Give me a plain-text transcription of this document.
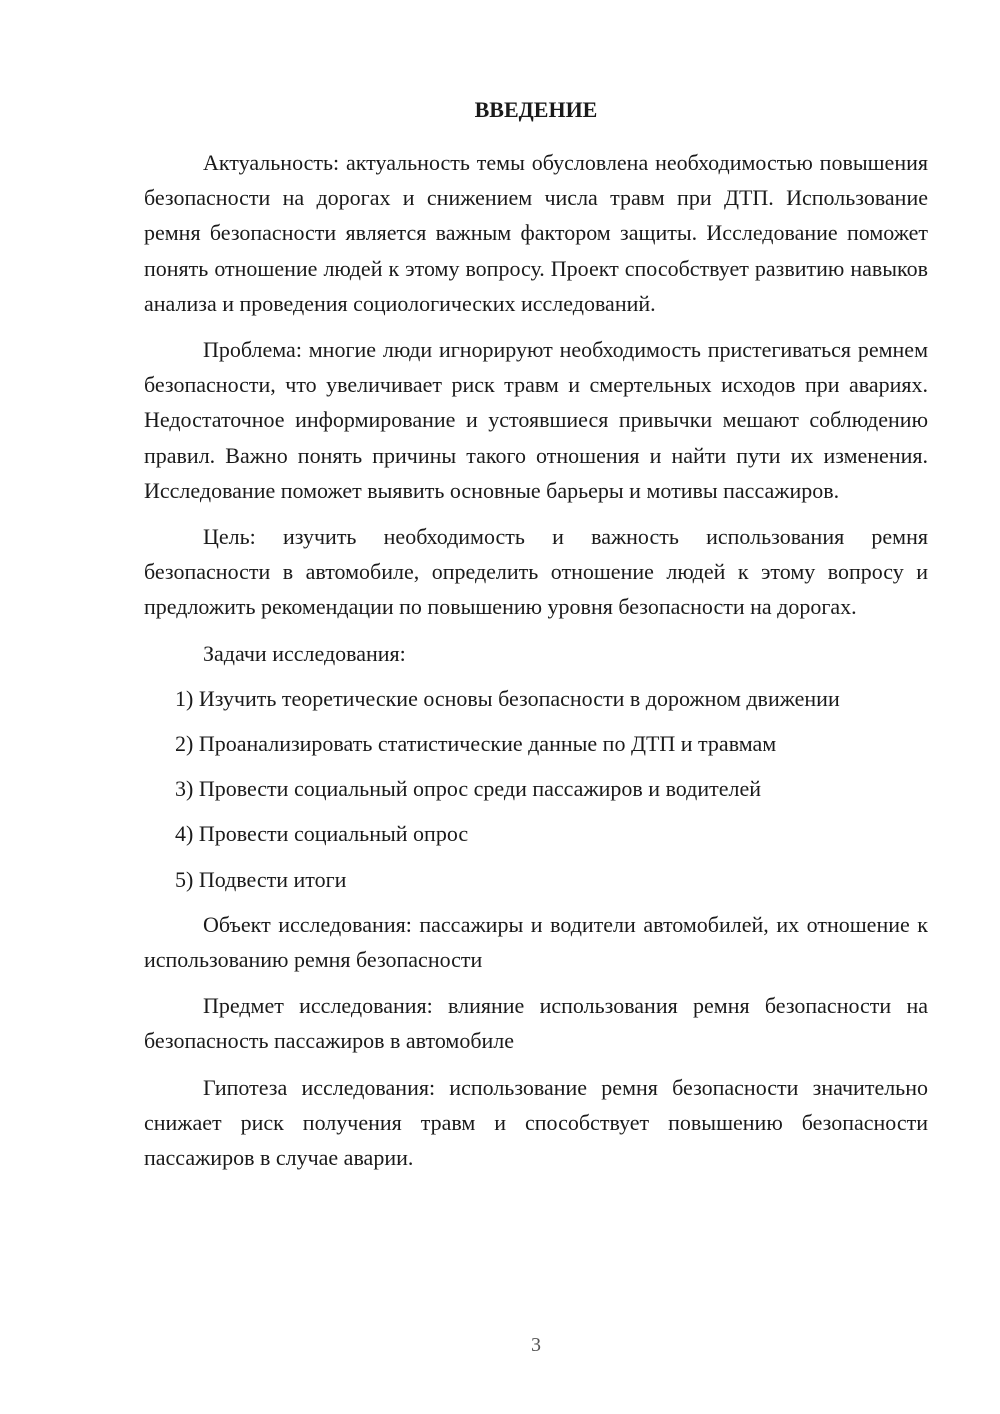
ВВЕДЕНИЕ

Актуальность: актуальность темы обусловлена необходимостью повышения безопасности на дорогах и снижением числа травм при ДТП. Использование ремня безопасности является важным фактором защиты. Исследование поможет понять отношение людей к этому вопросу. Проект способствует развитию навыков анализа и проведения социологических исследований.

Проблема: многие люди игнорируют необходимость пристегиваться ремнем безопасности, что увеличивает риск травм и смертельных исходов при авариях. Недостаточное информирование и устоявшиеся привычки мешают соблюдению правил. Важно понять причины такого отношения и найти пути их изменения. Исследование поможет выявить основные барьеры и мотивы пассажиров.

Цель: изучить необходимость и важность использования ремня безопасности в автомобиле, определить отношение людей к этому вопросу и предложить рекомендации по повышению уровня безопасности на дорогах.

Задачи исследования:

1) Изучить теоретические основы безопасности в дорожном движении
2) Проанализировать статистические данные по ДТП и травмам
3) Провести социальный опрос среди пассажиров и водителей
4) Провести социальный опрос
5) Подвести итоги

Объект исследования: пассажиры и водители автомобилей, их отношение к использованию ремня безопасности

Предмет исследования: влияние использования ремня безопасности на безопасность пассажиров в автомобиле

Гипотеза исследования: использование ремня безопасности значительно снижает риск получения травм и способствует повышению безопасности пассажиров в случае аварии.

3
